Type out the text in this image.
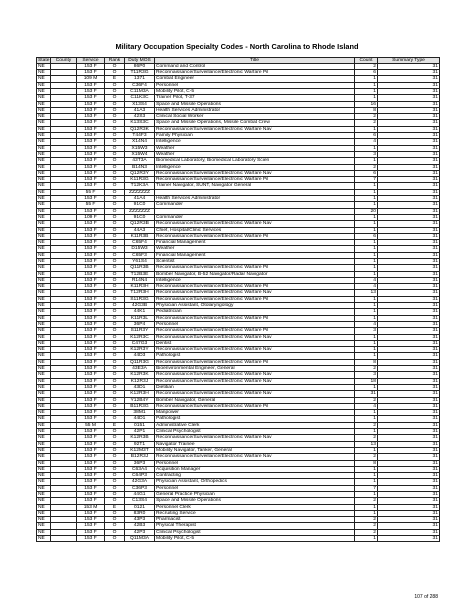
Military Occupation Specialty Codes - North Carolina to Rhode Island
State	County	Service	Rank	Duty MOS	Title	Count	Summary Type
NE		153 F	O	86P0	Command and Control	2	31
NE		153 F	O	T11R3G	Reconnaissance/Surveillance/Electronic Warfare Pil	6	31
NE		109 M	E	1371	Combat Engineer	1	31
NE		153 F	O	C36F4	Personnel	1	31
NE		153 F	O	C11M3A	Mobility Pilot, C-5	1	31
NE		153 F	O	C11K3C	Trainer Pilot, T-37	1	31
NE		153 F	O	X13S4	Space and Missile Operations	16	31
NE		153 F	O	41A3	Health Services Administrator	8	31
NE		153 F	O	42S3	Clinical Social Worker	2	31
NE		153 F	O	K13S3C	Space and Missile Operations, Missile Combat Crew	2	31
NE		153 F	O	Q12R3K	Reconnaissance/Surveillance/Electronic Warfare Nav	1	31
NE		153 F	O	T44F3	Family Physician	6	31
NE		153 F	O	X14N4	Intelligence	4	31
NE		153 F	O	X15W3	Weather	1	31
NE		153 F	O	X15W4	Weather	3	31
NE		153 F	O	43T3A	Biomedical Laboratory, Biomedical Laboratory Scien	1	31
NE		153 F	O	B14N3	Intelligence	2	31
NE		153 F	O	Q12R3Y	Reconnaissance/Surveillance/Electronic Warfare Nav	6	31
NE		153 F	O	K11R3G	Reconnaissance/Surveillance/Electronic Warfare Pil	7	31
NE		153 F	O	T12K3A	Trainer Navigator, SUNT, Navigator General	1	31
NE		55 F	O	ZZZZZZZ		1	31
NE		153 F	O	41A4	Health Services Administrator	1	31
NE		55 F	O	91C0	Commander	1	31
NE		153 F	O	ZZZZZZZ		20	31
NE		109 F	O	91C0	Commander	1	31
NE		153 F	O	Q12R3B	Reconnaissance/Surveillance/Electronic Warfare Nav	1	31
NE		153 F	O	44A3	Chief, Hospital/Clinic Services	1	31
NE		153 F	O	K11R3B	Reconnaissance/Surveillance/Electronic Warfare Pil	6	31
NE		153 F	O	C65F4	Financial Management	1	31
NE		153 F	O	D15W3	Weather	1	31
NE		153 F	O	C65F3	Financial Management	1	31
NE		153 F	O	Y61S4	Scientist	1	31
NE		153 F	O	Q11R3B	Reconnaissance/Surveillance/Electronic Warfare Pil	1	31
NE		153 F	O	T12B3E	Bomber Navigator, B-52 Navigator/Radar Navigator	1	31
NE		153 F	O	R14N4	Intelligence	4	31
NE		153 F	O	K11R3H	Reconnaissance/Surveillance/Electronic Warfare Pil	4	31
NE		153 F	O	T12R3H	Reconnaissance/Surveillance/Electronic Warfare Nav	13	31
NE		153 F	O	S11R3G	Reconnaissance/Surveillance/Electronic Warfare Pil	1	31
NE		153 F	O	42G3B	Physician Assistant, Otolaryngology	1	31
NE		153 F	O	44K1	Pediatrician	1	31
NE		153 F	O	K11R3L	Reconnaissance/Surveillance/Electronic Warfare Pil	1	31
NE		153 F	O	36P4	Personnel	4	31
NE		153 F	O	S11R3Y	Reconnaissance/Surveillance/Electronic Warfare Pil	3	31
NE		153 F	O	K12R3C	Reconnaissance/Surveillance/Electronic Warfare Nav	1	31
NE		153 F	O	C47G3	Dentist	1	31
NE		153 F	O	K12R3Y	Reconnaissance/Surveillance/Electronic Warfare Nav	1	31
NE		153 F	O	44D3	Pathologist	1	31
NE		153 F	O	Q11R3G	Reconnaissance/Surveillance/Electronic Warfare Pil	8	31
NE		153 F	O	43E3A	Bioenvironmental Engineer, General	2	31
NE		153 F	O	K12R3K	Reconnaissance/Surveillance/Electronic Warfare Nav	3	31
NE		153 F	O	K12R3J	Reconnaissance/Surveillance/Electronic Warfare Nav	18	31
NE		153 F	O	43D1	Dietitian	1	31
NE		153 F	O	K12R3H	Reconnaissance/Surveillance/Electronic Warfare Nav	31	31
NE		153 F	O	Y12B4Y	Bomber Navigator, General	2	31
NE		153 F	O	B11R3G	Reconnaissance/Surveillance/Electronic Warfare Pil	4	31
NE		153 F	O	38M1	Manpower	1	31
NE		153 F	O	44D1	Pathologist	1	31
NE		55 M	E	0151	Administrative Clerk	2	31
NE		153 F	O	42P1	Clinical Psychologist	1	31
NE		153 F	O	K12R3B	Reconnaissance/Surveillance/Electronic Warfare Nav	2	31
NE		153 F	O	92T1	Navigator Trainee	13	31
NE		153 F	O	K12M3T	Mobility Navigator, Tanker, General	1	31
NE		153 F	O	B12R3J	Reconnaissance/Surveillance/Electronic Warfare Nav	2	31
NE		153 F	O	36P3	Personnel	8	31
NE		153 F	O	C63A4	Acquisition Manager	1	31
NE		153 F	O	C64P3	Contracting	1	31
NE		153 F	O	42G3A	Physician Assistant, Orthopedics	1	31
NE		153 F	O	C36P3	Personnel	7	31
NE		153 F	O	44G1	General Practice Physician	1	31
NE		153 F	O	C13S4	Space and Missile Operations	2	31
NE		153 M	E	0121	Personnel Clerk	1	31
NE		153 F	O	83R0	Recruiting Service	1	31
NE		153 F	O	43P3	Pharmacist	2	31
NE		153 F	O	42B3	Physical Therapist	2	31
NE		153 F	O	42P3	Clinical Psychologist	2	31
NE		153 F	O	Q11M3A	Mobility Pilot, C-5	1	31
107 of 288
